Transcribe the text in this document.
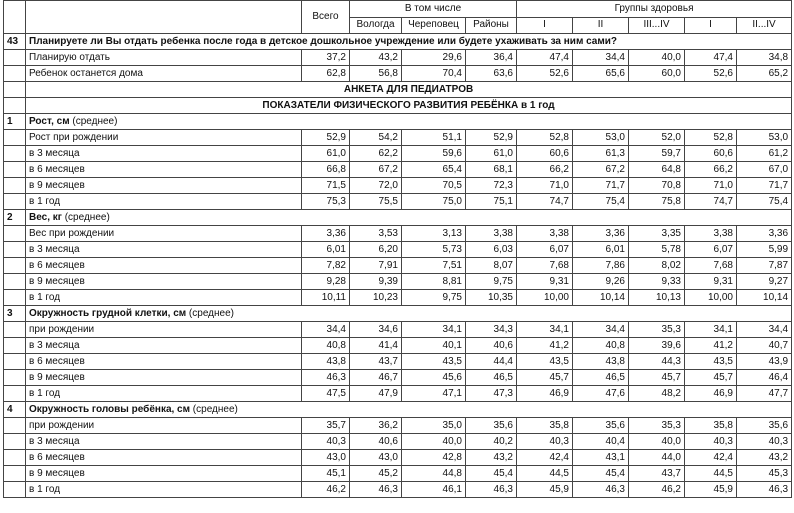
		Всего	В том числе			Группы здоровья				
			Вологда	Череповец	Районы	I	II	III...IV	I	II...IV
43	Планируете ли Вы отдать ребенка после года в детское дошкольное учреждение или будете ухаживать за ним сами?									
	Планирую отдать	37,2	43,2	29,6	36,4	47,4	34,4	40,0	47,4	34,8
	Ребенок останется дома	62,8	56,8	70,4	63,6	52,6	65,6	60,0	52,6	65,2
	АНКЕТА ДЛЯ ПЕДИАТРОВ									
	ПОКАЗАТЕЛИ ФИЗИЧЕСКОГО РАЗВИТИЯ РЕБЁНКА в 1 год									
1	Рост, см (среднее)									
	Рост при рождении	52,9	54,2	51,1	52,9	52,8	53,0	52,0	52,8	53,0
	в 3 месяца	61,0	62,2	59,6	61,0	60,6	61,3	59,7	60,6	61,2
	в 6 месяцев	66,8	67,2	65,4	68,1	66,2	67,2	64,8	66,2	67,0
	в 9 месяцев	71,5	72,0	70,5	72,3	71,0	71,7	70,8	71,0	71,7
	в 1 год	75,3	75,5	75,0	75,1	74,7	75,4	75,8	74,7	75,4
2	Вес, кг (среднее)									
	Вес при рождении	3,36	3,53	3,13	3,38	3,38	3,36	3,35	3,38	3,36
	в 3 месяца	6,01	6,20	5,73	6,03	6,07	6,01	5,78	6,07	5,99
	в 6 месяцев	7,82	7,91	7,51	8,07	7,68	7,86	8,02	7,68	7,87
	в 9 месяцев	9,28	9,39	8,81	9,75	9,31	9,26	9,33	9,31	9,27
	в 1 год	10,11	10,23	9,75	10,35	10,00	10,14	10,13	10,00	10,14
3	Окружность грудной клетки, см (среднее)									
	при рождении	34,4	34,6	34,1	34,3	34,1	34,4	35,3	34,1	34,4
	в 3 месяца	40,8	41,4	40,1	40,6	41,2	40,8	39,6	41,2	40,7
	в 6 месяцев	43,8	43,7	43,5	44,4	43,5	43,8	44,3	43,5	43,9
	в 9 месяцев	46,3	46,7	45,6	46,5	45,7	46,5	45,7	45,7	46,4
	в 1 год	47,5	47,9	47,1	47,3	46,9	47,6	48,2	46,9	47,7
4	Окружность головы ребёнка, см (среднее)									
	при рождении	35,7	36,2	35,0	35,6	35,8	35,6	35,3	35,8	35,6
	в 3 месяца	40,3	40,6	40,0	40,2	40,3	40,4	40,0	40,3	40,3
	в 6 месяцев	43,0	43,0	42,8	43,2	42,4	43,1	44,0	42,4	43,2
	в 9 месяцев	45,1	45,2	44,8	45,4	44,5	45,4	43,7	44,5	45,3
	в 1 год	46,2	46,3	46,1	46,3	45,9	46,3	46,2	45,9	46,3
